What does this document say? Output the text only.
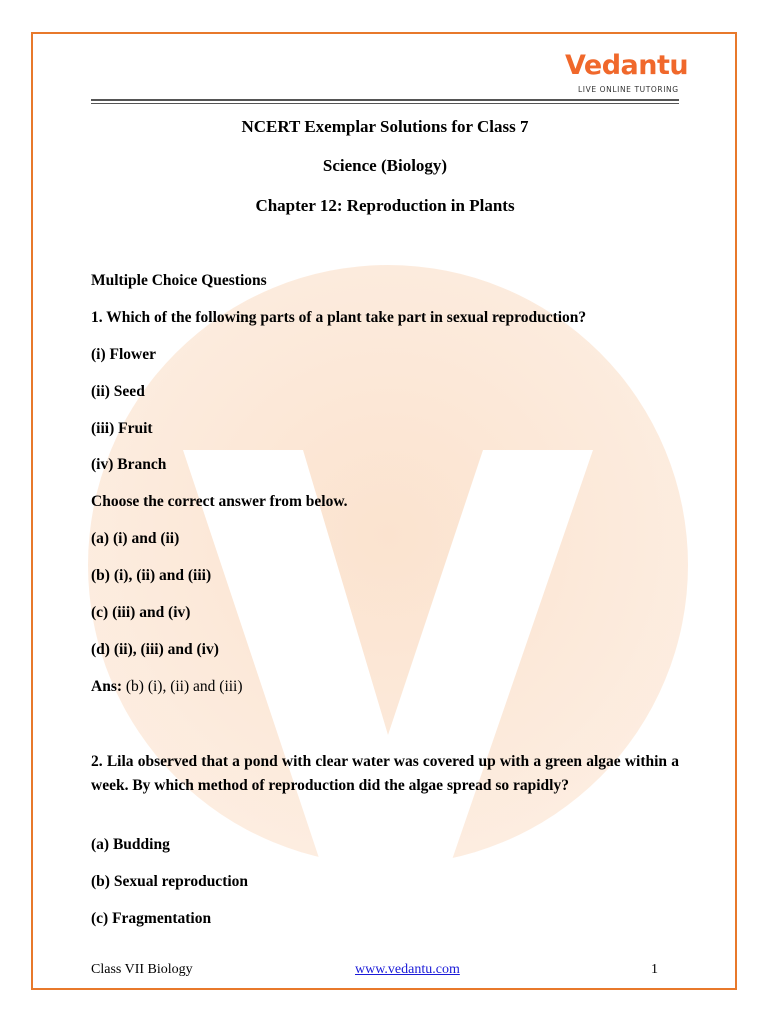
Vedantu
LIVE ONLINE TUTORING
NCERT Exemplar Solutions for Class 7
Science (Biology)
Chapter 12: Reproduction in Plants
Multiple Choice Questions
1. Which of the following parts of a plant take part in sexual reproduction?
(i) Flower
(ii) Seed
(iii) Fruit
(iv) Branch
Choose the correct answer from below.
(a) (i) and (ii)
(b) (i), (ii) and (iii)
(c) (iii) and (iv)
(d) (ii), (iii) and (iv)
Ans: (b) (i), (ii) and (iii)
2. Lila observed that a pond with clear water was covered up with a green algae within a week. By which method of reproduction did the algae spread so rapidly?
(a) Budding
(b) Sexual reproduction
(c) Fragmentation
Class VII Biology	www.vedantu.com	1
